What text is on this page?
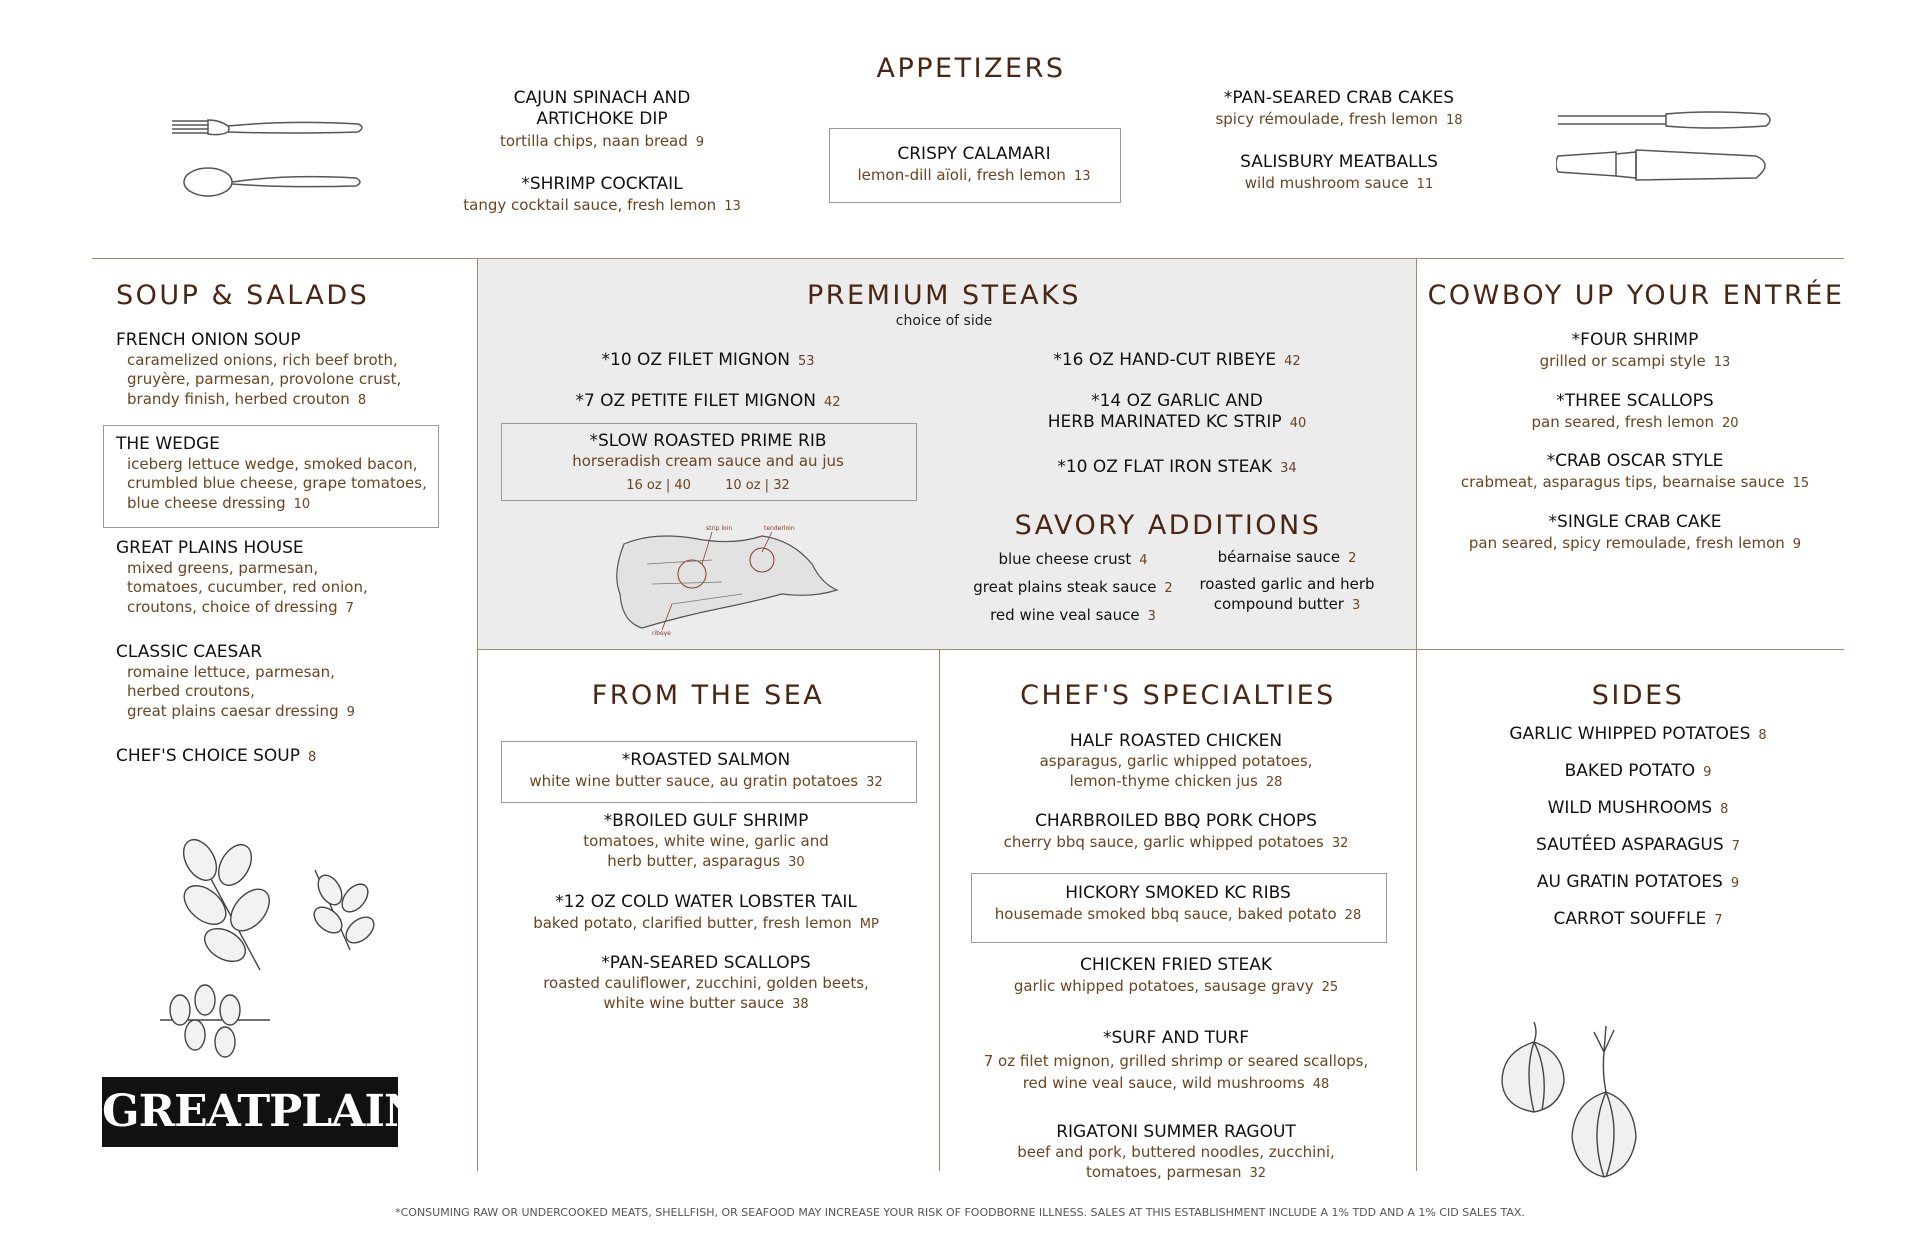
APPETIZERS
CAJUN SPINACH AND
ARTICHOKE DIP
tortilla chips, naan bread 9
*SHRIMP COCKTAIL
tangy cocktail sauce, fresh lemon 13
CRISPY CALAMARI
lemon-dill aïoli, fresh lemon 13
*PAN-SEARED CRAB CAKES
spicy rémoulade, fresh lemon 18
SALISBURY MEATBALLS
wild mushroom sauce 11
SOUP & SALADS
FRENCH ONION SOUP
caramelized onions, rich beef broth,
gruyère, parmesan, provolone crust,
brandy finish, herbed crouton 8
THE WEDGE
iceberg lettuce wedge, smoked bacon,
crumbled blue cheese, grape tomatoes,
blue cheese dressing 10
GREAT PLAINS HOUSE
mixed greens, parmesan,
tomatoes, cucumber, red onion,
croutons, choice of dressing 7
CLASSIC CAESAR
romaine lettuce, parmesan,
herbed croutons,
great plains caesar dressing 9
CHEF'S CHOICE SOUP 8
GREATPLAINS
PREMIUM STEAKS
choice of side
*10 OZ FILET MIGNON 53
*7 OZ PETITE FILET MIGNON 42
*SLOW ROASTED PRIME RIB
horseradish cream sauce and au jus
16 oz | 40	10 oz | 32
strip loin	tenderloin
ribeye
*16 OZ HAND-CUT RIBEYE 42
*14 OZ GARLIC AND
HERB MARINATED KC STRIP 40
*10 OZ FLAT IRON STEAK 34
SAVORY ADDITIONS
blue cheese crust 4
great plains steak sauce 2
red wine veal sauce 3
béarnaise sauce 2
roasted garlic and herb
compound butter 3
COWBOY UP YOUR ENTRÉE
*FOUR SHRIMP
grilled or scampi style 13
*THREE SCALLOPS
pan seared, fresh lemon 20
*CRAB OSCAR STYLE
crabmeat, asparagus tips, bearnaise sauce 15
*SINGLE CRAB CAKE
pan seared, spicy remoulade, fresh lemon 9
FROM THE SEA
*ROASTED SALMON
white wine butter sauce, au gratin potatoes 32
*BROILED GULF SHRIMP
tomatoes, white wine, garlic and
herb butter, asparagus 30
*12 OZ COLD WATER LOBSTER TAIL
baked potato, clarified butter, fresh lemon MP
*PAN-SEARED SCALLOPS
roasted cauliflower, zucchini, golden beets,
white wine butter sauce 38
CHEF'S SPECIALTIES
HALF ROASTED CHICKEN
asparagus, garlic whipped potatoes,
lemon-thyme chicken jus 28
CHARBROILED BBQ PORK CHOPS
cherry bbq sauce, garlic whipped potatoes 32
HICKORY SMOKED KC RIBS
housemade smoked bbq sauce, baked potato 28
CHICKEN FRIED STEAK
garlic whipped potatoes, sausage gravy 25
*SURF AND TURF
7 oz filet mignon, grilled shrimp or seared scallops,
red wine veal sauce, wild mushrooms 48
RIGATONI SUMMER RAGOUT
beef and pork, buttered noodles, zucchini,
tomatoes, parmesan 32
SIDES
GARLIC WHIPPED POTATOES 8
BAKED POTATO 9
WILD MUSHROOMS 8
SAUTÉED ASPARAGUS 7
AU GRATIN POTATOES 9
CARROT SOUFFLE 7
*CONSUMING RAW OR UNDERCOOKED MEATS, SHELLFISH, OR SEAFOOD MAY INCREASE YOUR RISK OF FOODBORNE ILLNESS. SALES AT THIS ESTABLISHMENT INCLUDE A 1% TDD AND A 1% CID SALES TAX.
